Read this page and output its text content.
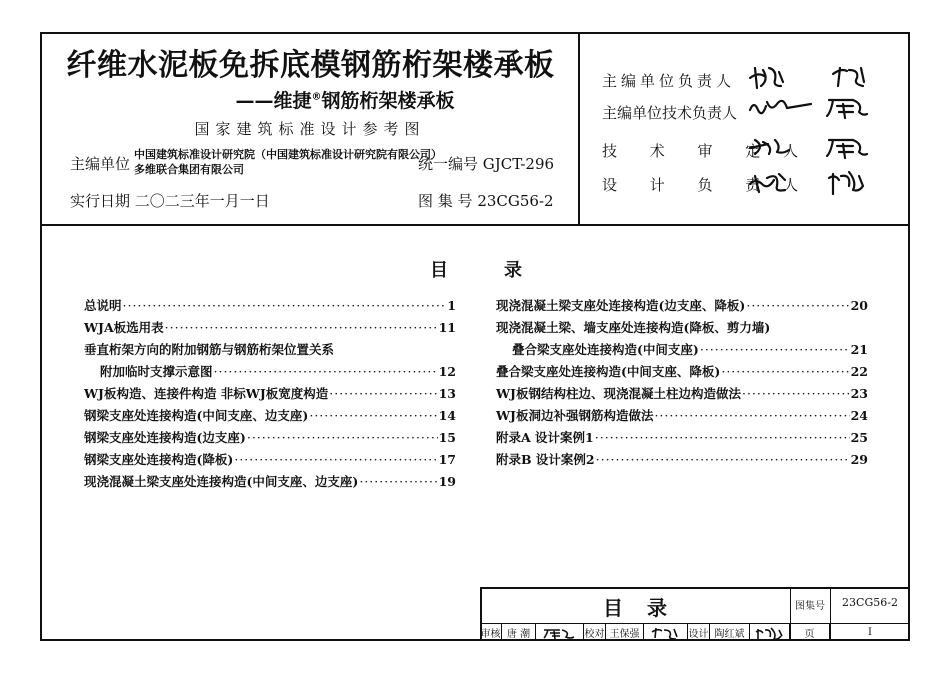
纤维水泥板免拆底模钢筋桁架楼承板
——维捷®钢筋桁架楼承板
国家建筑标准设计参考图
主编单位
中国建筑标准设计研究院（中国建筑标准设计研究院有限公司）
多维联合集团有限公司	统一编号 GJCT-296
实行日期 二〇二三年一月一日	图 集 号 23CG56-2
主编单位负责人
主编单位技术负责人
技 术 审 定 人
设 计 负 责 人
目	录
总说明 ·····	1
WJA板选用表 ·····	11
垂直桁架方向的附加钢筋与钢筋桁架位置关系
附加临时支撑示意图 ·····	12
WJ板构造、连接件构造 非标WJ板宽度构造 ·····	13
钢梁支座处连接构造(中间支座、边支座) ·····	14
钢梁支座处连接构造(边支座) ·····	15
钢梁支座处连接构造(降板) ·····	17
现浇混凝土梁支座处连接构造(中间支座、边支座) ·····	19
现浇混凝土梁支座处连接构造(边支座、降板) ·····	20
现浇混凝土梁、墙支座处连接构造(降板、剪力墙)
叠合梁支座处连接构造(中间支座) ·····	21
叠合梁支座处连接构造(中间支座、降板) ·····	22
WJ板钢结构柱边、现浇混凝土柱边构造做法 ·····	23
WJ板洞边补强钢筋构造做法 ·····	24
附录A 设计案例1 ·····	25
附录B 设计案例2 ·····	29
目 录	图集号	23CG56-2
审核 唐 潮	校对 王保强	设计 陶红斌	页	I
